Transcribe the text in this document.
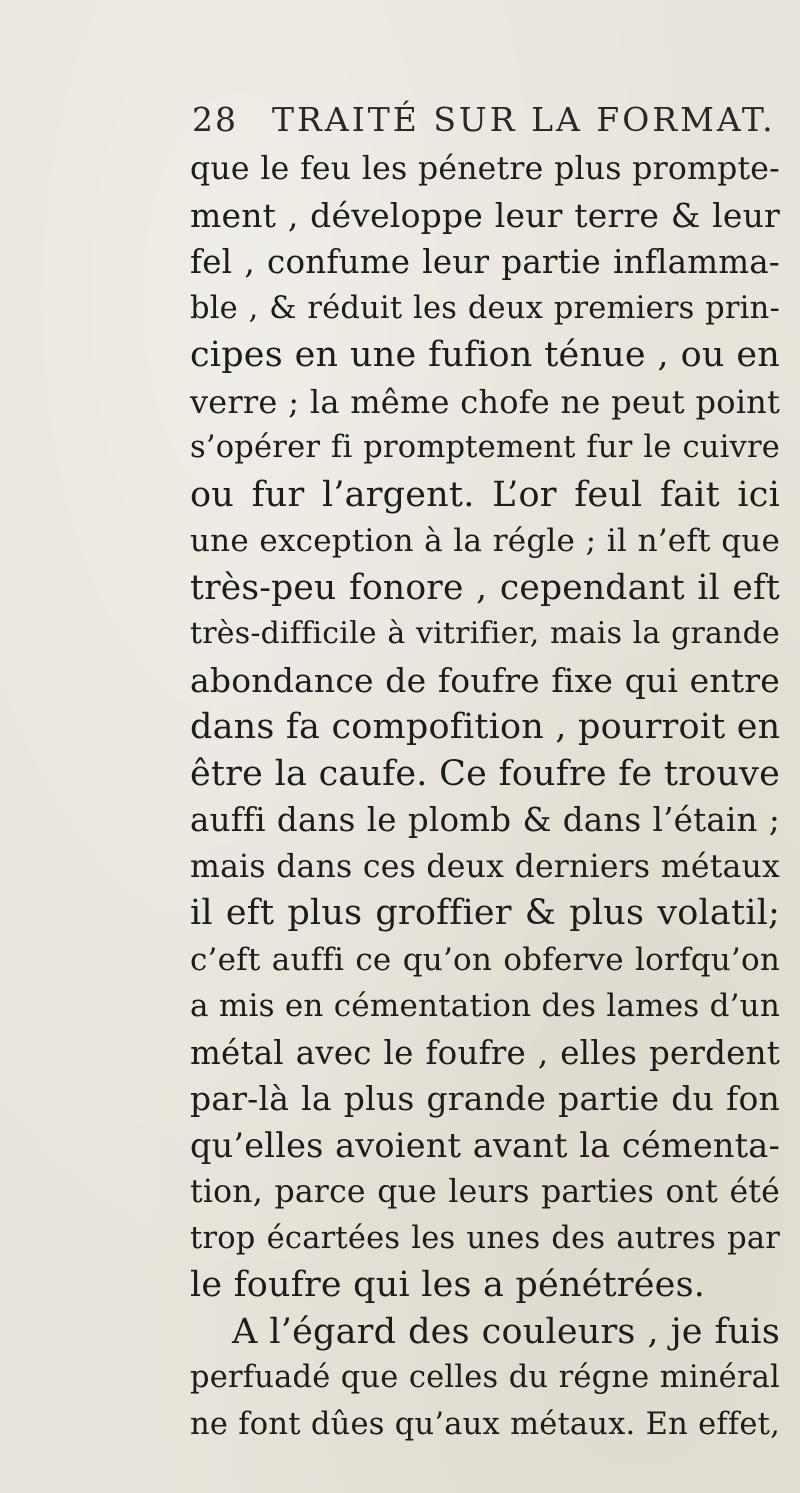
28 TRAITÉ SUR LA FORMAT.
que le feu les pénetre plus prompte-
ment , développe leur terre & leur
fel , confume leur partie inflamma-
ble , & réduit les deux premiers prin-
cipes en une fufion ténue , ou en
verre ; la même chofe ne peut point
s’opérer fi promptement fur le cuivre
ou fur l’argent. L’or feul fait ici
une exception à la régle ; il n’eft que
très-peu fonore , cependant il eft
très-difficile à vitrifier, mais la grande
abondance de foufre fixe qui entre
dans fa compofition , pourroit en
être la caufe. Ce foufre fe trouve
auffi dans le plomb & dans l’étain ;
mais dans ces deux derniers métaux
il eft plus groffier & plus volatil;
c’eft auffi ce qu’on obferve lorfqu’on
a mis en cémentation des lames d’un
métal avec le foufre , elles perdent
par-là la plus grande partie du fon
qu’elles avoient avant la cémenta-
tion, parce que leurs parties ont été
trop écartées les unes des autres par
le foufre qui les a pénétrées.
A l’égard des couleurs , je fuis
perfuadé que celles du régne minéral
ne font dûes qu’aux métaux. En effet,
